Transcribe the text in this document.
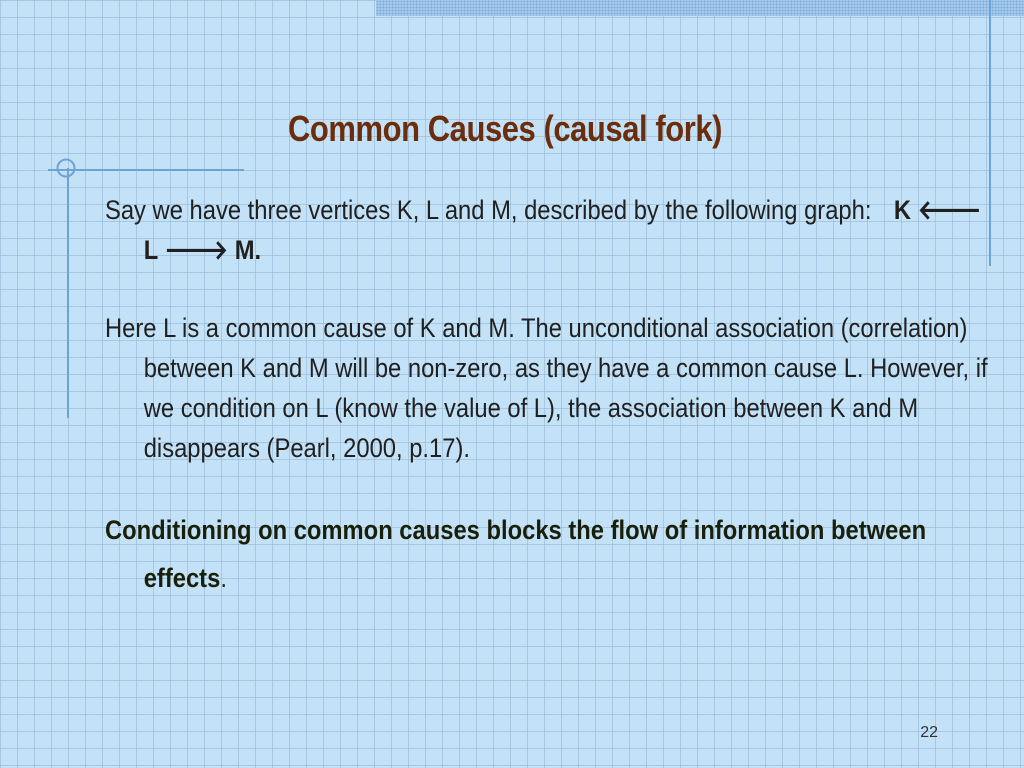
Common Causes (causal fork)

Say we have three vertices K, L and M, described by the following graph: K 🡐 L 🡒 M.

Here L is a common cause of K and M. The unconditional association (correlation) between K and M will be non-zero, as they have a common cause L. However, if we condition on L (know the value of L), the association between K and M disappears (Pearl, 2000, p.17).

Conditioning on common causes blocks the flow of information between effects.

22
